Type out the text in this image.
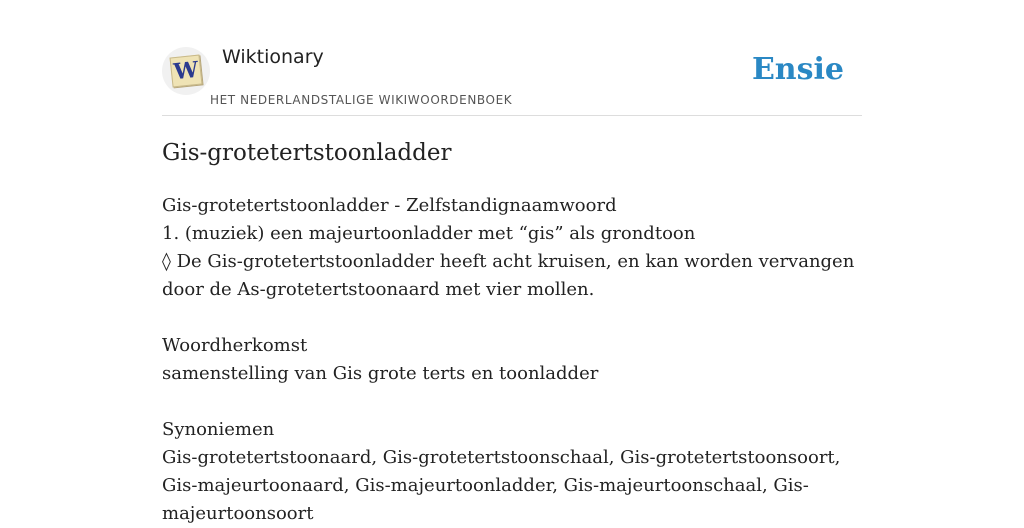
W Wiktionary
HET NEDERLANDSTALIGE WIKIWOORDENBOEK
Ensie
Gis-grotetertstoonladder
Gis-grotetertstoonladder - Zelfstandignaamwoord
1. (muziek) een majeurtoonladder met “gis” als grondtoon
◊ De Gis-grotetertstoonladder heeft acht kruisen, en kan worden vervangen door de As-grotetertstoonaard met vier mollen.
Woordherkomst
samenstelling van Gis grote terts en toonladder
Synoniemen
Gis-grotetertstoonaard, Gis-grotetertstoonschaal, Gis-grotetertstoonsoort, Gis-majeurtoonaard, Gis-majeurtoonladder, Gis-majeurtoonschaal, Gis-majeurtoonsoort
